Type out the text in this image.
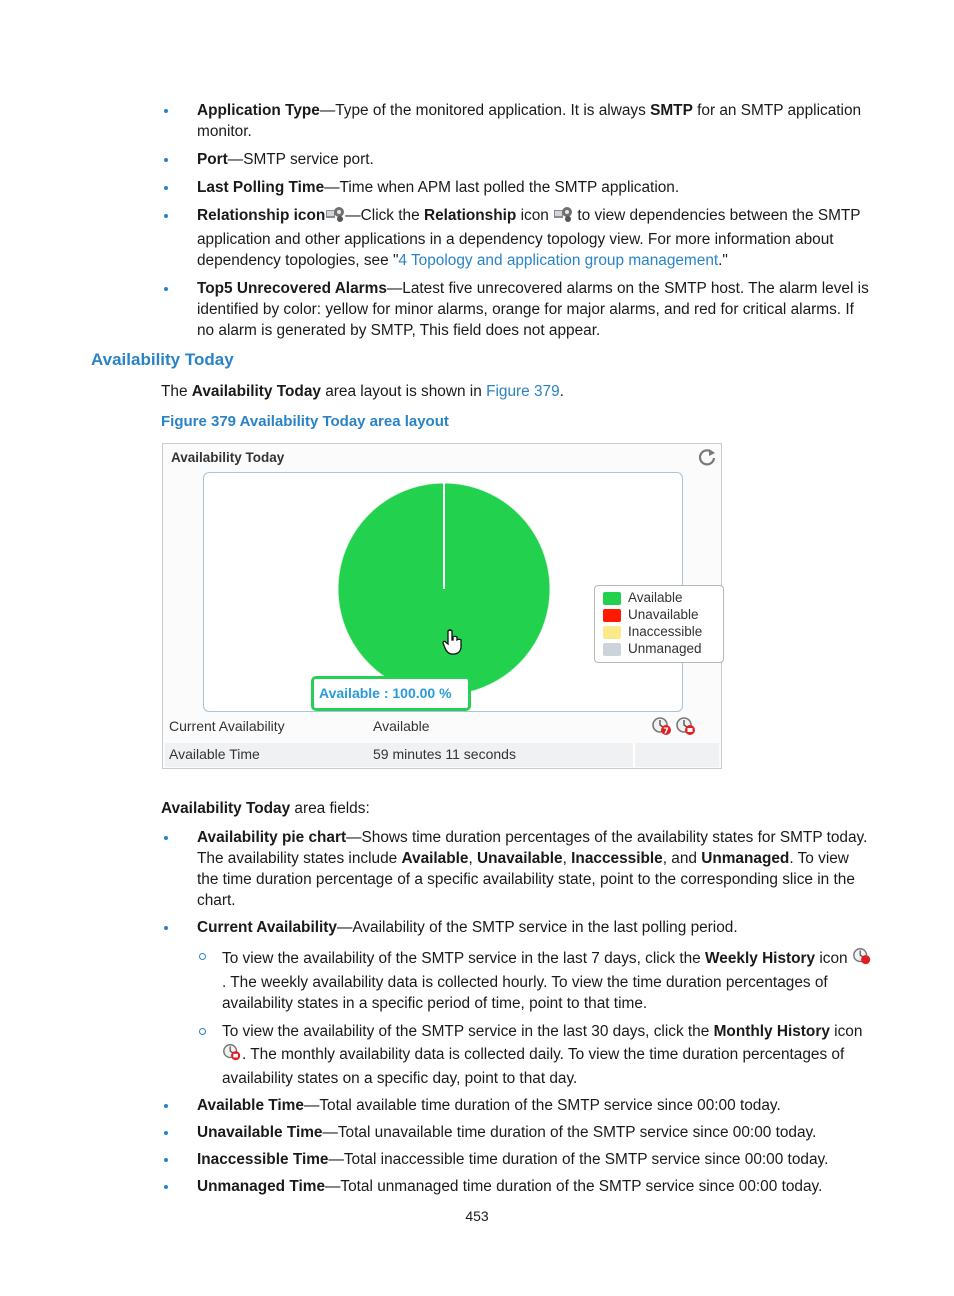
Application Type—Type of the monitored application. It is always SMTP for an SMTP application monitor.
Port—SMTP service port.
Last Polling Time—Time when APM last polled the SMTP application.
Relationship icon —Click the Relationship icon  to view dependencies between the SMTP application and other applications in a dependency topology view. For more information about dependency topologies, see "4 Topology and application group management."
Top5 Unrecovered Alarms—Latest five unrecovered alarms on the SMTP host. The alarm level is identified by color: yellow for minor alarms, orange for major alarms, and red for critical alarms. If no alarm is generated by SMTP, This field does not appear.
Availability Today
The Availability Today area layout is shown in Figure 379.
Figure 379 Availability Today area layout
Availability Today
Available
Unavailable
Inaccessible
Unmanaged
Available : 100.00 %
Current Availability	Available	7
Available Time	59 minutes 11 seconds
Availability Today area fields:
Availability pie chart—Shows time duration percentages of the availability states for SMTP today. The availability states include Available, Unavailable, Inaccessible, and Unmanaged. To view the time duration percentage of a specific availability state, point to the corresponding slice in the chart.
Current Availability—Availability of the SMTP service in the last polling period.
To view the availability of the SMTP service in the last 7 days, click the Weekly History icon . The weekly availability data is collected hourly. To view the time duration percentages of availability states in a specific period of time, point to that time.
To view the availability of the SMTP service in the last 30 days, click the Monthly History icon . The monthly availability data is collected daily. To view the time duration percentages of availability states on a specific day, point to that day.
Available Time—Total available time duration of the SMTP service since 00:00 today.
Unavailable Time—Total unavailable time duration of the SMTP service since 00:00 today.
Inaccessible Time—Total inaccessible time duration of the SMTP service since 00:00 today.
Unmanaged Time—Total unmanaged time duration of the SMTP service since 00:00 today.
453
